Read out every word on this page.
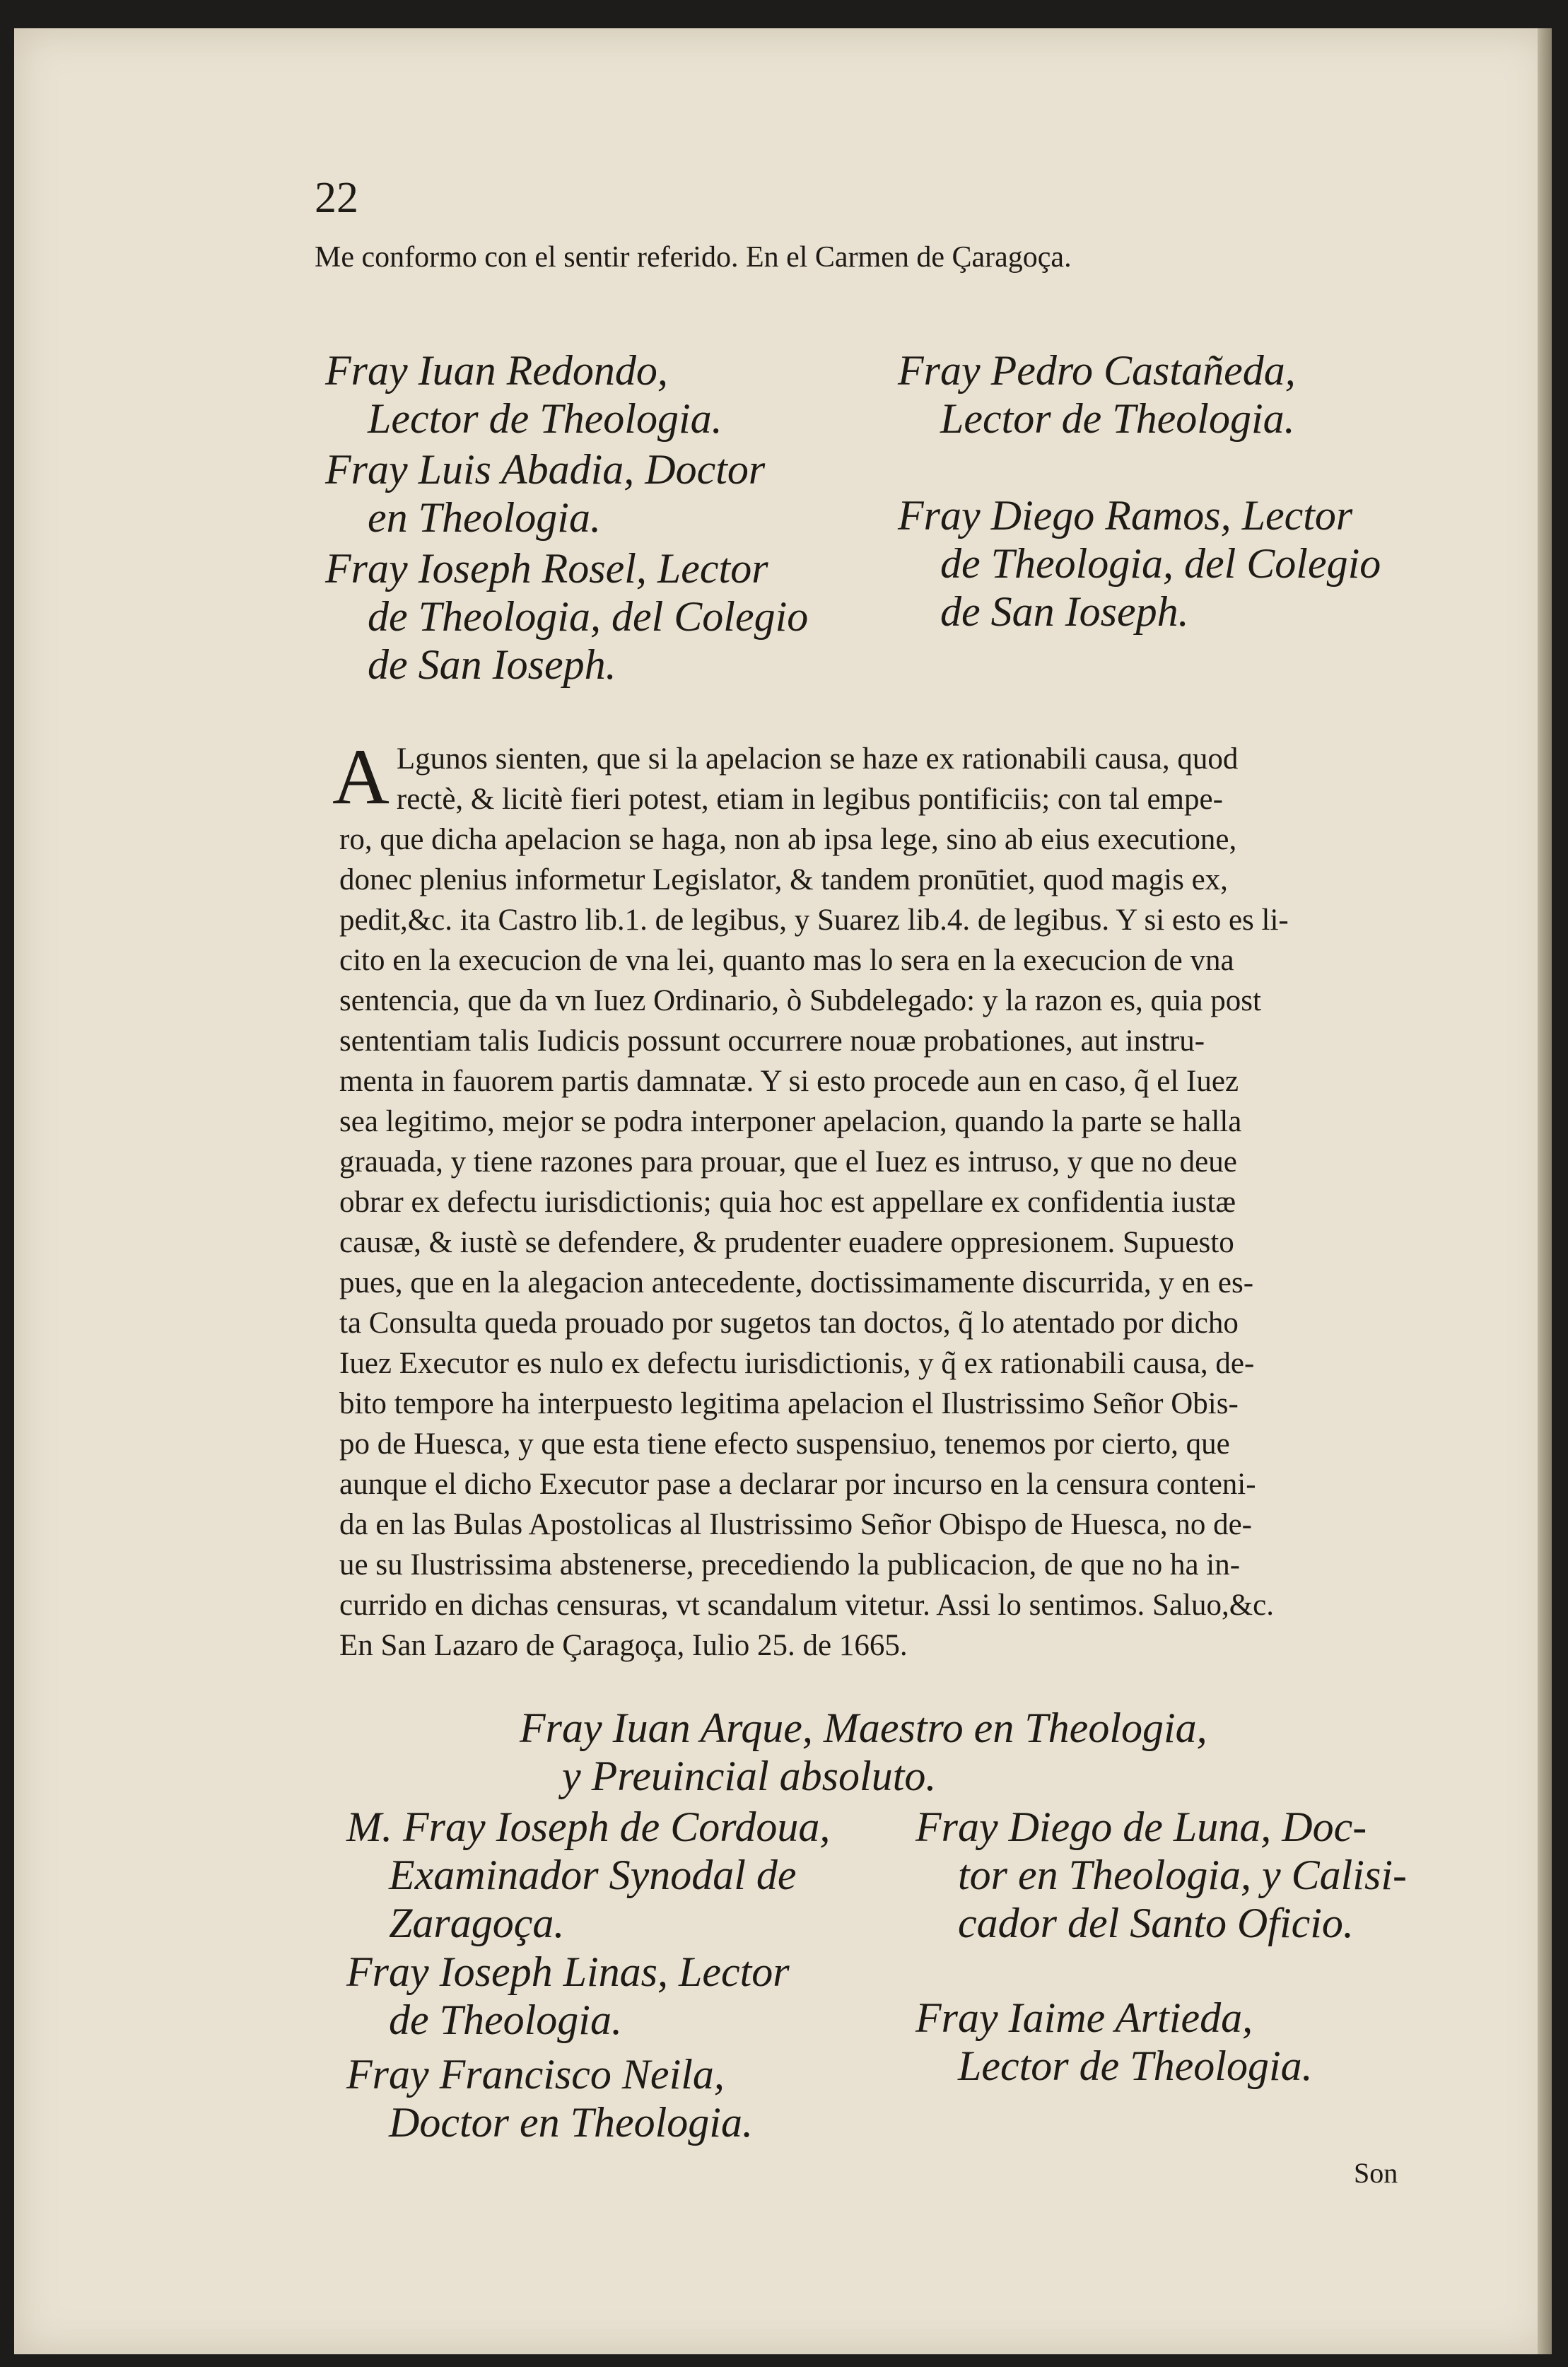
22
Me conformo con el sentir referido. En el Carmen de Çaragoça.
Fray Iuan Redondo,
Lector de Theologia.
Fray Luis Abadia, Doctor
en Theologia.
Fray Ioseph Rosel, Lector
de Theologia, del Colegio
de San Ioseph.
Fray Pedro Castañeda,
Lector de Theologia.
Fray Diego Ramos, Lector
de Theologia, del Colegio
de San Ioseph.
A Lgunos sienten, que si la apelacion se haze ex rationabili causa, quod
rectè, & licitè fieri potest, etiam in legibus pontificiis; con tal empe-
ro, que dicha apelacion se haga, non ab ipsa lege, sino ab eius executione,
donec plenius informetur Legislator, & tandem pronūtiet, quod magis ex,
pedit,&c. ita Castro lib.1. de legibus, y Suarez lib.4. de legibus. Y si esto es li-
cito en la execucion de vna lei, quanto mas lo sera en la execucion de vna
sentencia, que da vn Iuez Ordinario, ò Subdelegado: y la razon es, quia post
sententiam talis Iudicis possunt occurrere nouæ probationes, aut instru-
menta in fauorem partis damnatæ. Y si esto procede aun en caso, q̃ el Iuez
sea legitimo, mejor se podra interponer apelacion, quando la parte se halla
grauada, y tiene razones para prouar, que el Iuez es intruso, y que no deue
obrar ex defectu iurisdictionis; quia hoc est appellare ex confidentia iustæ
causæ, & iustè se defendere, & prudenter euadere oppresionem. Supuesto
pues, que en la alegacion antecedente, doctissimamente discurrida, y en es-
ta Consulta queda prouado por sugetos tan doctos, q̃ lo atentado por dicho
Iuez Executor es nulo ex defectu iurisdictionis, y q̃ ex rationabili causa, de-
bito tempore ha interpuesto legitima apelacion el Ilustrissimo Señor Obis-
po de Huesca, y que esta tiene efecto suspensiuo, tenemos por cierto, que
aunque el dicho Executor pase a declarar por incurso en la censura conteni-
da en las Bulas Apostolicas al Ilustrissimo Señor Obispo de Huesca, no de-
ue su Ilustrissima abstenerse, precediendo la publicacion, de que no ha in-
currido en dichas censuras, vt scandalum vitetur. Assi lo sentimos. Saluo,&c.
En San Lazaro de Çaragoça, Iulio 25. de 1665.
Fray Iuan Arque, Maestro en Theologia,
y Preuincial absoluto.
M. Fray Ioseph de Cordoua,
Examinador Synodal de
Zaragoça.
Fray Ioseph Linas, Lector
de Theologia.
Fray Francisco Neila,
Doctor en Theologia.
Fray Diego de Luna, Doc-
tor en Theologia, y Calisi-
cador del Santo Oficio.
Fray Iaime Artieda,
Lector de Theologia.
Son
